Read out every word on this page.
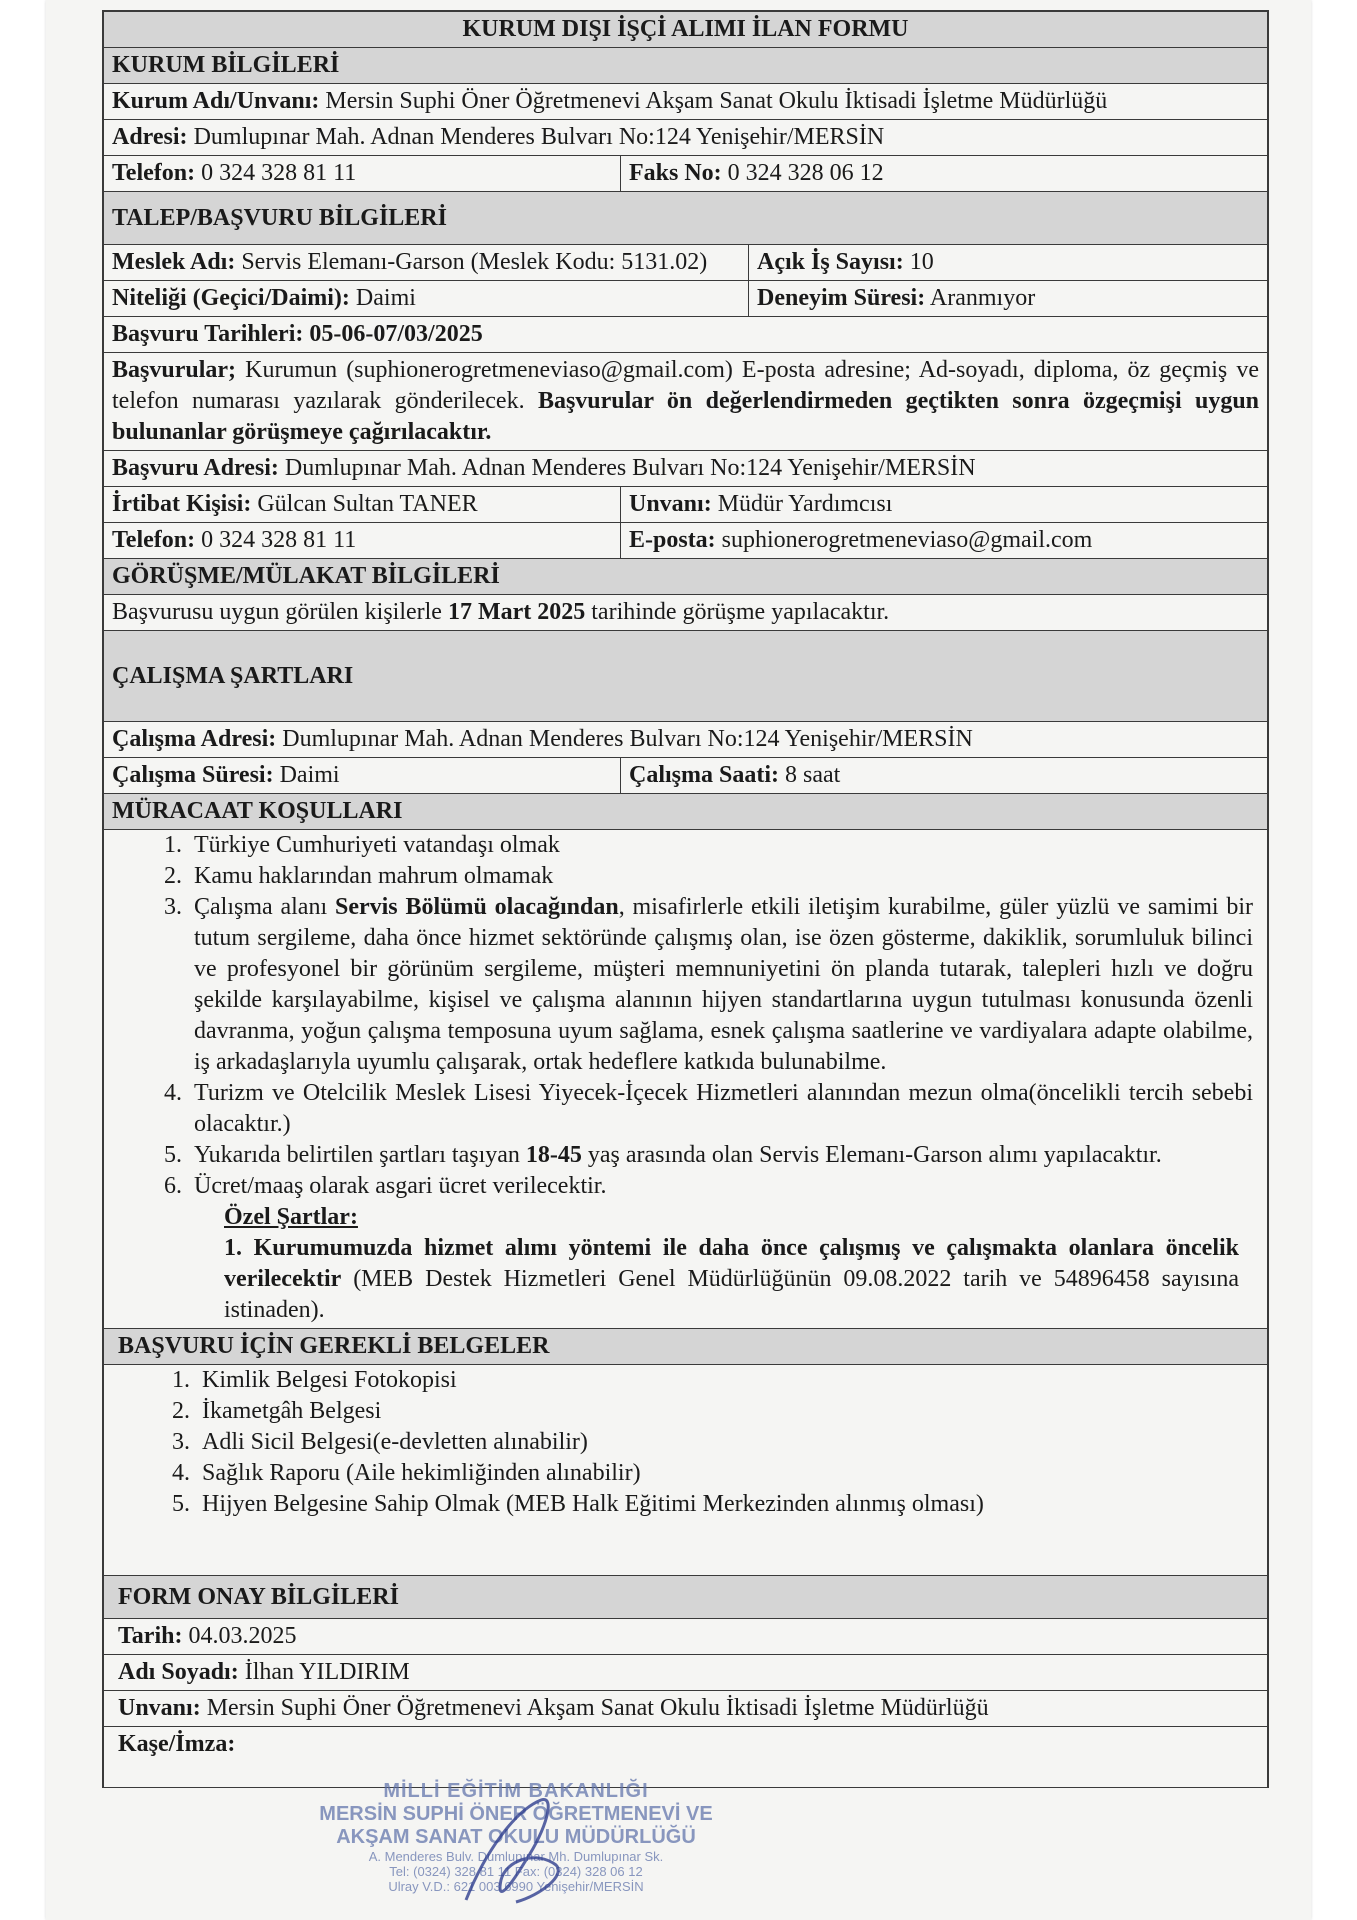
KURUM DIŞI İŞÇİ ALIMI İLAN FORMU
KURUM BİLGİLERİ
Kurum Adı/Unvanı: Mersin Suphi Öner Öğretmenevi Akşam Sanat Okulu İktisadi İşletme Müdürlüğü
Adresi: Dumlupınar Mah. Adnan Menderes Bulvarı No:124 Yenişehir/MERSİN
Telefon: 0 324 328 81 11	Faks No: 0 324 328 06 12
TALEP/BAŞVURU BİLGİLERİ
Meslek Adı: Servis Elemanı-Garson (Meslek Kodu: 5131.02)	Açık İş Sayısı: 10
Niteliği (Geçici/Daimi): Daimi	Deneyim Süresi: Aranmıyor
Başvuru Tarihleri: 05-06-07/03/2025
Başvurular; Kurumun (suphionerogretmeneviaso@gmail.com) E-posta adresine; Ad-soyadı, diploma, öz geçmiş ve telefon numarası yazılarak gönderilecek. Başvurular ön değerlendirmeden geçtikten sonra özgeçmişi uygun bulunanlar görüşmeye çağırılacaktır.
Başvuru Adresi: Dumlupınar Mah. Adnan Menderes Bulvarı No:124 Yenişehir/MERSİN
İrtibat Kişisi: Gülcan Sultan TANER	Unvanı: Müdür Yardımcısı
Telefon: 0 324 328 81 11	E-posta: suphionerogretmeneviaso@gmail.com
GÖRÜŞME/MÜLAKAT BİLGİLERİ
Başvurusu uygun görülen kişilerle 17 Mart 2025 tarihinde görüşme yapılacaktır.
ÇALIŞMA ŞARTLARI
Çalışma Adresi: Dumlupınar Mah. Adnan Menderes Bulvarı No:124 Yenişehir/MERSİN
Çalışma Süresi: Daimi	Çalışma Saati: 8 saat
MÜRACAAT KOŞULLARI
1. Türkiye Cumhuriyeti vatandaşı olmak
2. Kamu haklarından mahrum olmamak
3. Çalışma alanı Servis Bölümü olacağından, misafirlerle etkili iletişim kurabilme, güler yüzlü ve samimi bir tutum sergileme, daha önce hizmet sektöründe çalışmış olan, ise özen gösterme, dakiklik, sorumluluk bilinci ve profesyonel bir görünüm sergileme, müşteri memnuniyetini ön planda tutarak, talepleri hızlı ve doğru şekilde karşılayabilme, kişisel ve çalışma alanının hijyen standartlarına uygun tutulması konusunda özenli davranma, yoğun çalışma temposuna uyum sağlama, esnek çalışma saatlerine ve vardiyalara adapte olabilme, iş arkadaşlarıyla uyumlu çalışarak, ortak hedeflere katkıda bulunabilme.
4. Turizm ve Otelcilik Meslek Lisesi Yiyecek-İçecek Hizmetleri alanından mezun olma(öncelikli tercih sebebi olacaktır.)
5. Yukarıda belirtilen şartları taşıyan 18-45 yaş arasında olan Servis Elemanı-Garson alımı yapılacaktır.
6. Ücret/maaş olarak asgari ücret verilecektir.
Özel Şartlar:
1. Kurumumuzda hizmet alımı yöntemi ile daha önce çalışmış ve çalışmakta olanlara öncelik verilecektir (MEB Destek Hizmetleri Genel Müdürlüğünün 09.08.2022 tarih ve 54896458 sayısına istinaden).
BAŞVURU İÇİN GEREKLİ BELGELER
1. Kimlik Belgesi Fotokopisi
2. İkametgâh Belgesi
3. Adli Sicil Belgesi(e-devletten alınabilir)
4. Sağlık Raporu (Aile hekimliğinden alınabilir)
5. Hijyen Belgesine Sahip Olmak (MEB Halk Eğitimi Merkezinden alınmış olması)
FORM ONAY BİLGİLERİ
Tarih: 04.03.2025
Adı Soyadı: İlhan YILDIRIM
Unvanı: Mersin Suphi Öner Öğretmenevi Akşam Sanat Okulu İktisadi İşletme Müdürlüğü
Kaşe/İmza:
MİLLİ EĞİTİM BAKANLIĞI
MERSİN SUPHİ ÖNER ÖĞRETMENEVİ VE
AKŞAM SANAT OKULU MÜDÜRLÜĞÜ
A. Menderes Bulv. Dumlupınar Mh. Dumlupınar Sk.
Tel: (0324) 328 81 11 Fax: (0324) 328 06 12
Ulray V.D.: 621 003 6990 Yenişehir/MERSİN
